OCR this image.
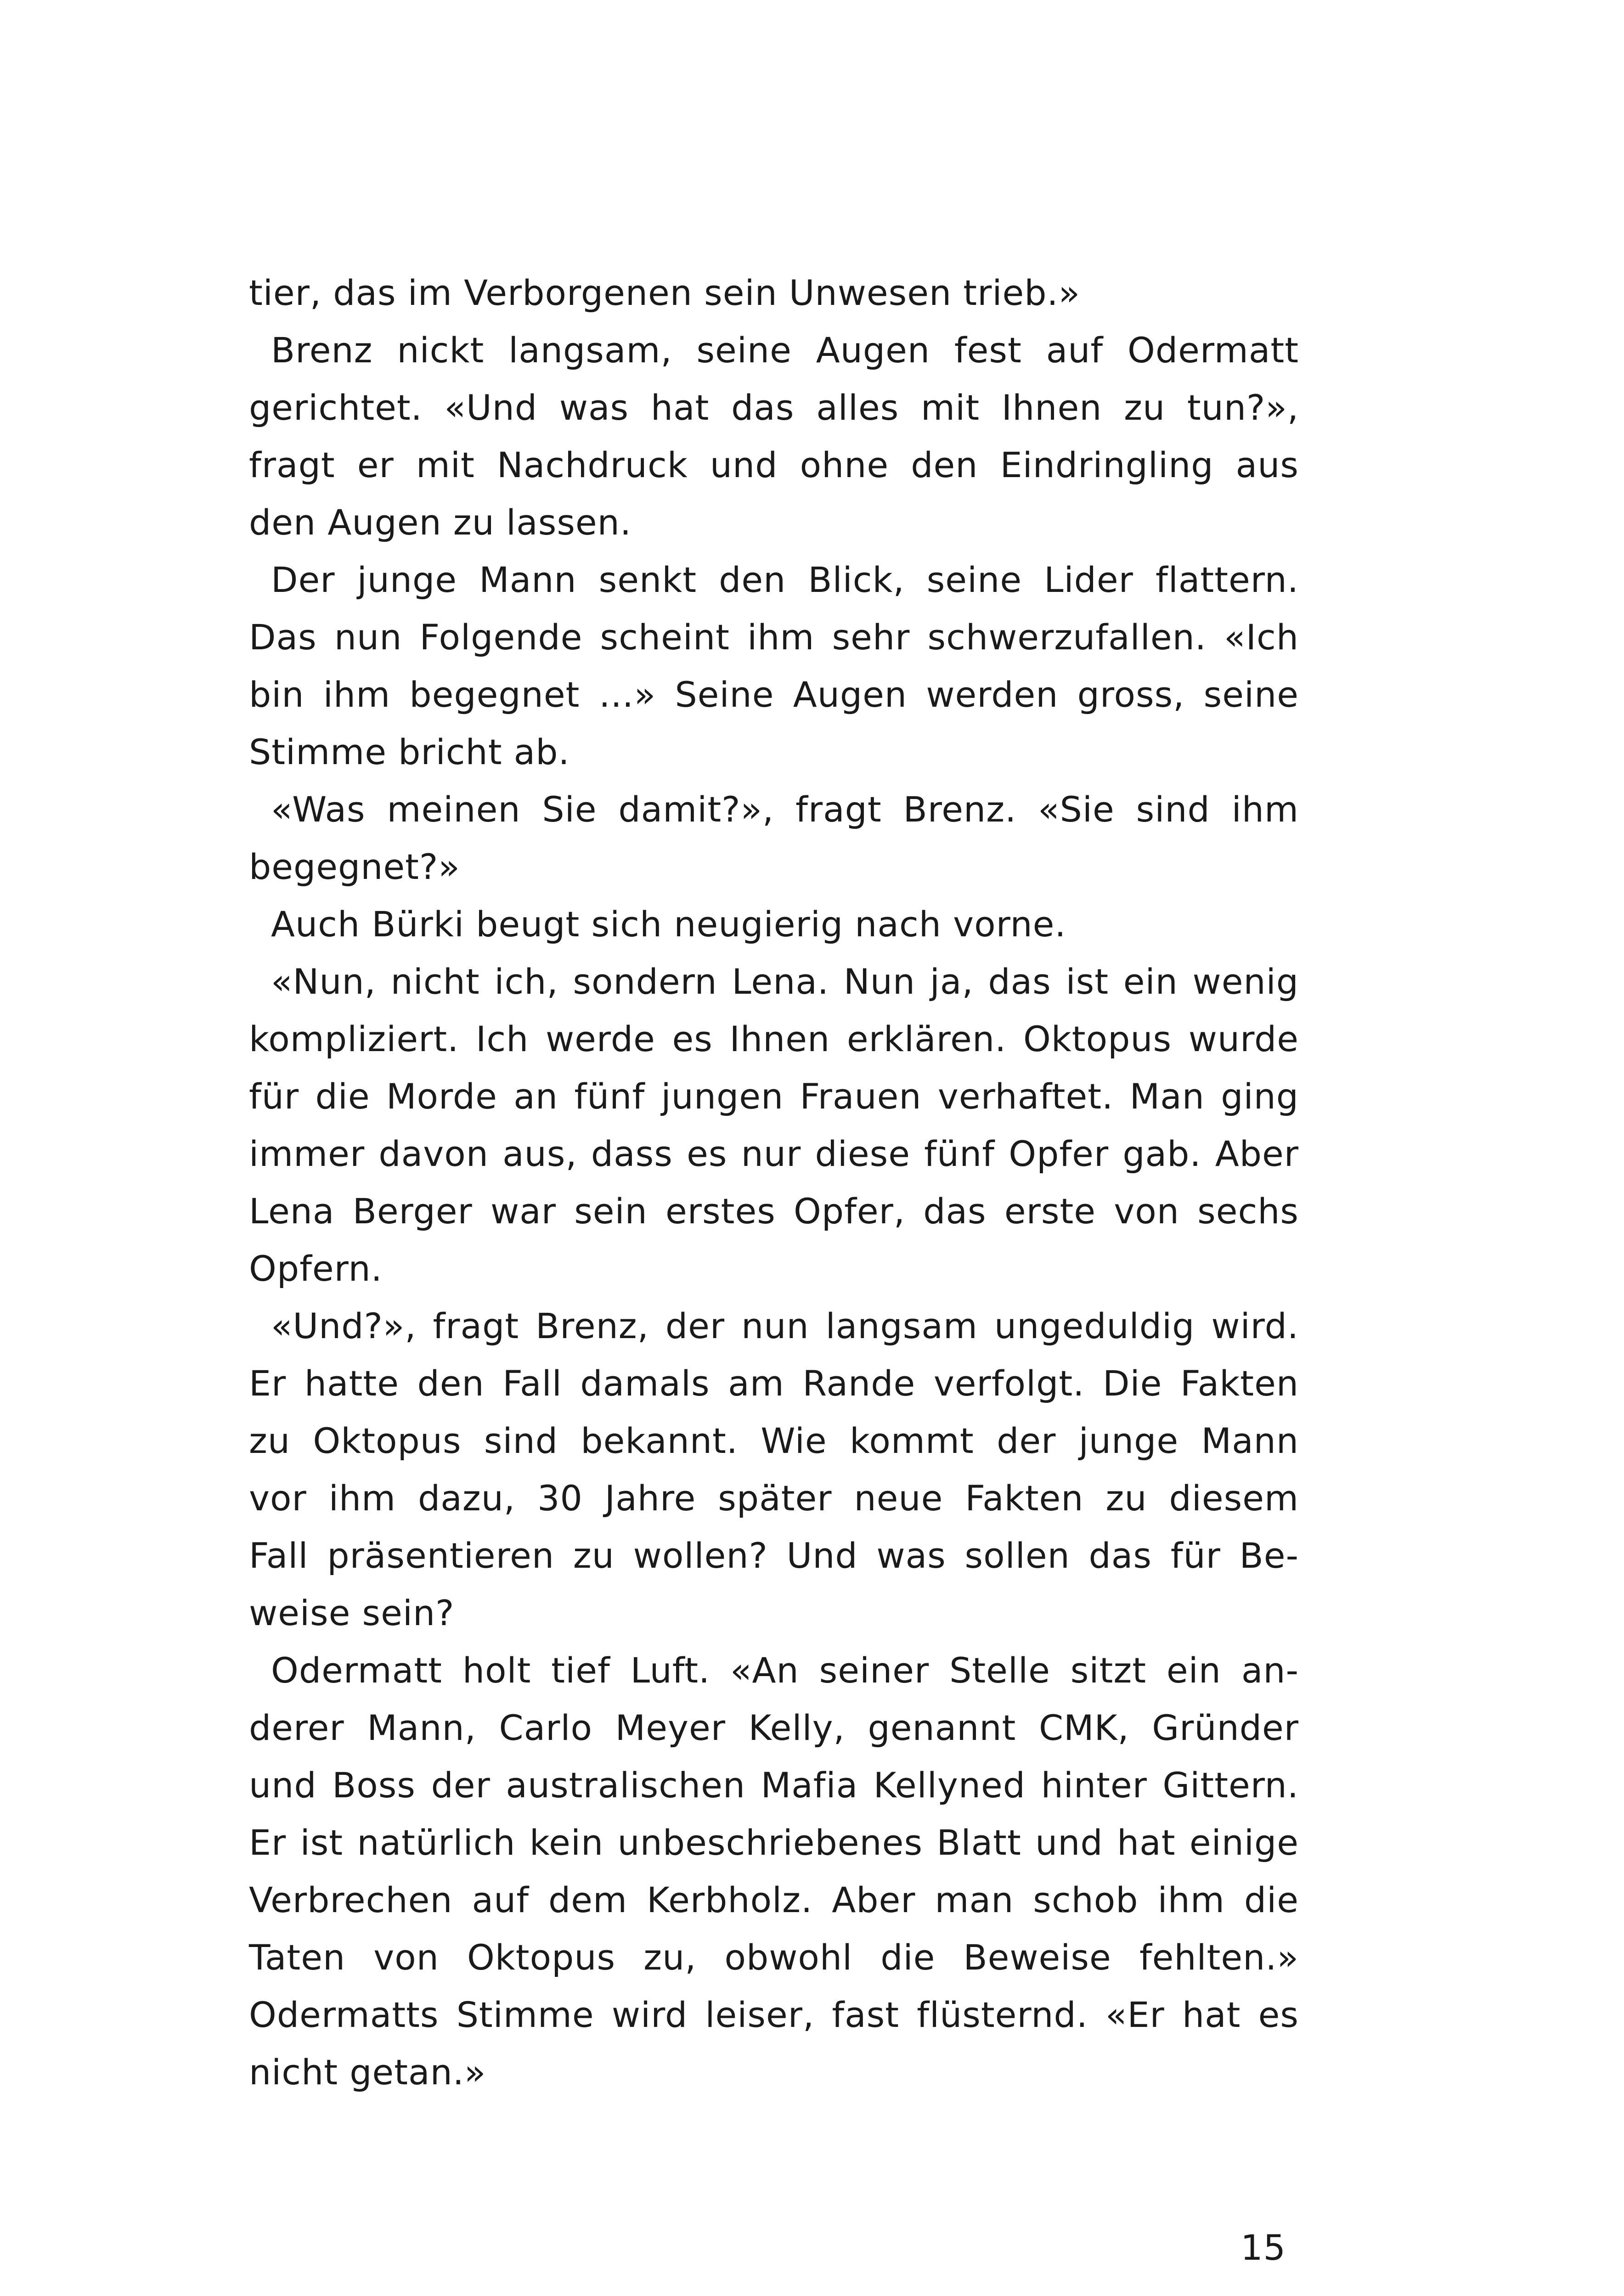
tier, das im Verborgenen sein Unwesen trieb.»
Brenz nickt langsam, seine Augen fest auf Odermatt
gerichtet. «Und was hat das alles mit Ihnen zu tun?»,
fragt er mit Nachdruck und ohne den Eindringling aus
den Augen zu lassen.
Der junge Mann senkt den Blick, seine Lider flattern.
Das nun Folgende scheint ihm sehr schwerzufallen. «Ich
bin ihm begegnet …» Seine Augen werden gross, seine
Stimme bricht ab.
«Was meinen Sie damit?», fragt Brenz. «Sie sind ihm
begegnet?»
Auch Bürki beugt sich neugierig nach vorne.
«Nun, nicht ich, sondern Lena. Nun ja, das ist ein wenig
kompliziert. Ich werde es Ihnen erklären. Oktopus wurde
für die Morde an fünf jungen Frauen verhaftet. Man ging
immer davon aus, dass es nur diese fünf Opfer gab. Aber
Lena Berger war sein erstes Opfer, das erste von sechs
Opfern.
«Und?», fragt Brenz, der nun langsam ungeduldig wird.
Er hatte den Fall damals am Rande verfolgt. Die Fakten
zu Oktopus sind bekannt. Wie kommt der junge Mann
vor ihm dazu, 30 Jahre später neue Fakten zu diesem
Fall präsentieren zu wollen? Und was sollen das für Be-
weise sein?
Odermatt holt tief Luft. «An seiner Stelle sitzt ein an-
derer Mann, Carlo Meyer Kelly, genannt CMK, Gründer
und Boss der australischen Mafia Kellyned hinter Gittern.
Er ist natürlich kein unbeschriebenes Blatt und hat einige
Verbrechen auf dem Kerbholz. Aber man schob ihm die
Taten von Oktopus zu, obwohl die Beweise fehlten.»
Odermatts Stimme wird leiser, fast flüsternd. «Er hat es
nicht getan.»
15
